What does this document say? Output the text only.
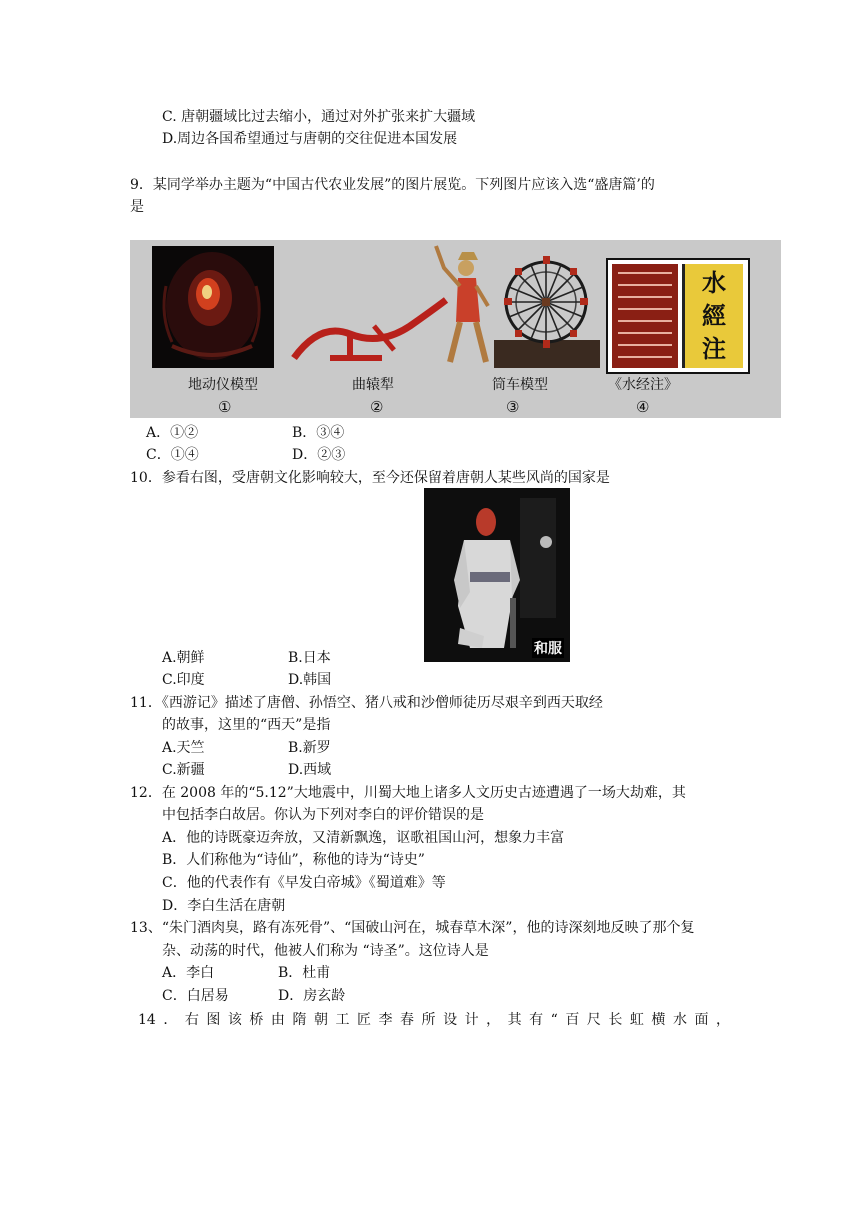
C. 唐朝疆域比过去缩小，通过对外扩张来扩大疆域
D.周边各国希望通过与唐朝的交往促进本国发展
9．某同学举办主题为“中国古代农业发展”的图片展览。下列图片应该入选“盛唐篇’的
是
水
經
注
地动仪模型	曲辕犁	筒车模型	《水经注》
①	②	③	④
A．①②	B．③④
C．①④	D．②③
10．参看右图，受唐朝文化影响较大，至今还保留着唐朝人某些风尚的国家是
和服
A.朝鲜	B.日本
C.印度	D.韩国
11．《西游记》描述了唐僧、孙悟空、猪八戒和沙僧师徒历尽艰辛到西天取经
的故事，这里的“西天”是指
A.天竺	B.新罗
C.新疆	D.西域
12．在 2008 年的“5.12”大地震中，川蜀大地上诸多人文历史古迹遭遇了一场大劫难，其
中包括李白故居。你认为下列对李白的评价错误的是
A．他的诗既豪迈奔放，又清新飘逸，讴歌祖国山河，想象力丰富
B．人们称他为“诗仙”，称他的诗为“诗史”
C．他的代表作有《早发白帝城》《蜀道难》等
D．李白生活在唐朝
13、“朱门酒肉臭，路有冻死骨”、“国破山河在，城春草木深”，他的诗深刻地反映了那个复
杂、动荡的时代，他被人们称为 “诗圣”。这位诗人是
A．李白	B．杜甫
C．白居易	D．房玄龄
14．右图该桥由隋朝工匠李春所设计，其有“百尺长虹横水面，
